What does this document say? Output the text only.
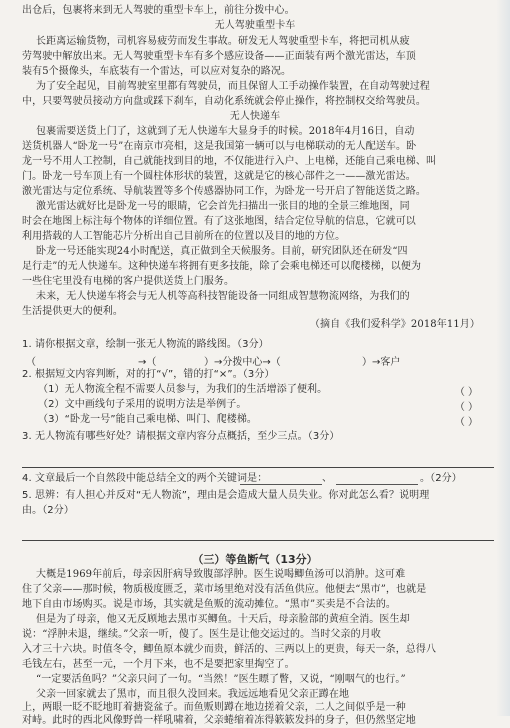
出仓后，包裹将来到无人驾驶的重型卡车上，前往分拨中心。
无人驾驶重型卡车
长距离运输货物，司机容易疲劳而发生事故。研发无人驾驶重型卡车，将把司机从疲
劳驾驶中解放出来。无人驾驶重型卡车有多个感应设备——正面装有两个激光雷达，车顶
装有5个摄像头，车底装有一个雷达，可以应对复杂的路况。
为了安全起见，目前驾驶室里都有驾驶员，而且保留人工手动操作装置，在自动驾驶过程
中，只要驾驶员接动方向盘或踩下刹车，自动化系统就会停止操作，将控制权交给驾驶员。
无人快递车
包裹需要送货上门了，这就到了无人快递车大显身手的时候。2018年4月16日，自动
送货机器人“卧龙一号”在南京市亮相，这是我国第一辆可以与电梯联动的无人配送车。卧
龙一号不用人工控制，自己就能找到目的地，不仅能进行入户、上电梯，还能自己乘电梯、叫
门。卧龙一号车顶上有一个圆柱体形状的装置，这就是它的核心部件之一——激光雷达。
激光雷达与定位系统、导航装置等多个传感器协同工作，为卧龙一号开启了智能送货之路。
激光雷达就好比是卧龙一号的眼睛，它会首先扫描出一张目的地的全景三维地图，同
时会在地图上标注每个物体的详细位置。有了这张地图，结合定位导航的信息，它就可以
利用搭载的人工智能芯片分析出自己目前所在的位置以及目的地的方位。
卧龙一号还能实现24小时配送，真正做到全天候服务。目前，研究团队还在研发“四
足行走”的无人快递车。这种快递车将拥有更多技能，除了会乘电梯还可以爬楼梯，以便为
一些住宅里没有电梯的客户提供送货上门服务。
未来，无人快递车将会与无人机等高科技智能设备一同组成智慧物流网络，为我们的
生活提供更大的便利。
（摘自《我们爱科学》2018年11月）
1. 请你根据文章，绘制一张无人物流的路线图。（3分）
（	→（	）→分拨中心→（	）→客户
2. 根据短文内容判断，对的打“√”，错的打“×”。（3分）
（1）无人物流全程不需要人员参与，为我们的生活增添了便利。	（ ）
（2）文中画线句子采用的说明方法是举例子。	（ ）
（3）“卧龙一号”能自己乘电梯、叫门、爬楼梯。	（ ）
3. 无人物流有哪些好处？请根据文章内容分点概括，至少三点。（3分）
4. 文章最后一个自然段中能总结全文的两个关键词是：	、	。（2分）
5. 思辨：有人担心并反对“无人物流”，理由是会造成大量人员失业。你对此怎么看？说明理
由。（2分）
（三）等鱼断气（13分）
大概是1969年前后，母亲因肝病导致腹部浮肿。医生说喝鲫鱼汤可以消肿。这可难
住了父亲——那时候，物质极度匮乏，菜市场里绝对没有活鱼供应。他便去“黑市”，也就是
地下自由市场购买。说是市场，其实就是鱼贩的流动摊位。“黑市”买卖是不合法的。
但是为了母亲，他又无反顾地去黑市买鲫鱼。十天后，母亲脸部的黄疸全消。医生却
说：“浮肿未退，继续。”父亲一听，傻了。医生是让他交运过的。当时父亲的月收
入才三十六块。时值冬令，鲫鱼原本就少而贵，鲜活的、三两以上的更贵，每天一条，总得八
毛钱左右，甚至一元，一个月下来，也不是要把家里掏空了。
“一定要活鱼吗？”父亲只问了一句。“当然！”医生瞟了瞥，又说，“刚咽气的也行。”
父亲一回家就去了黑市，而且很久没回来。我远远地看见父亲正蹲在地
上，两眼一眨不眨地盯着搪瓷盆子。而鱼贩则蹲在地边搓着父亲，二人之间似乎是一种
对峙。此时的西北风像野兽一样吼啸着，父亲蜷缩着冻得簌簌发抖的身子，但仍然坚定地
